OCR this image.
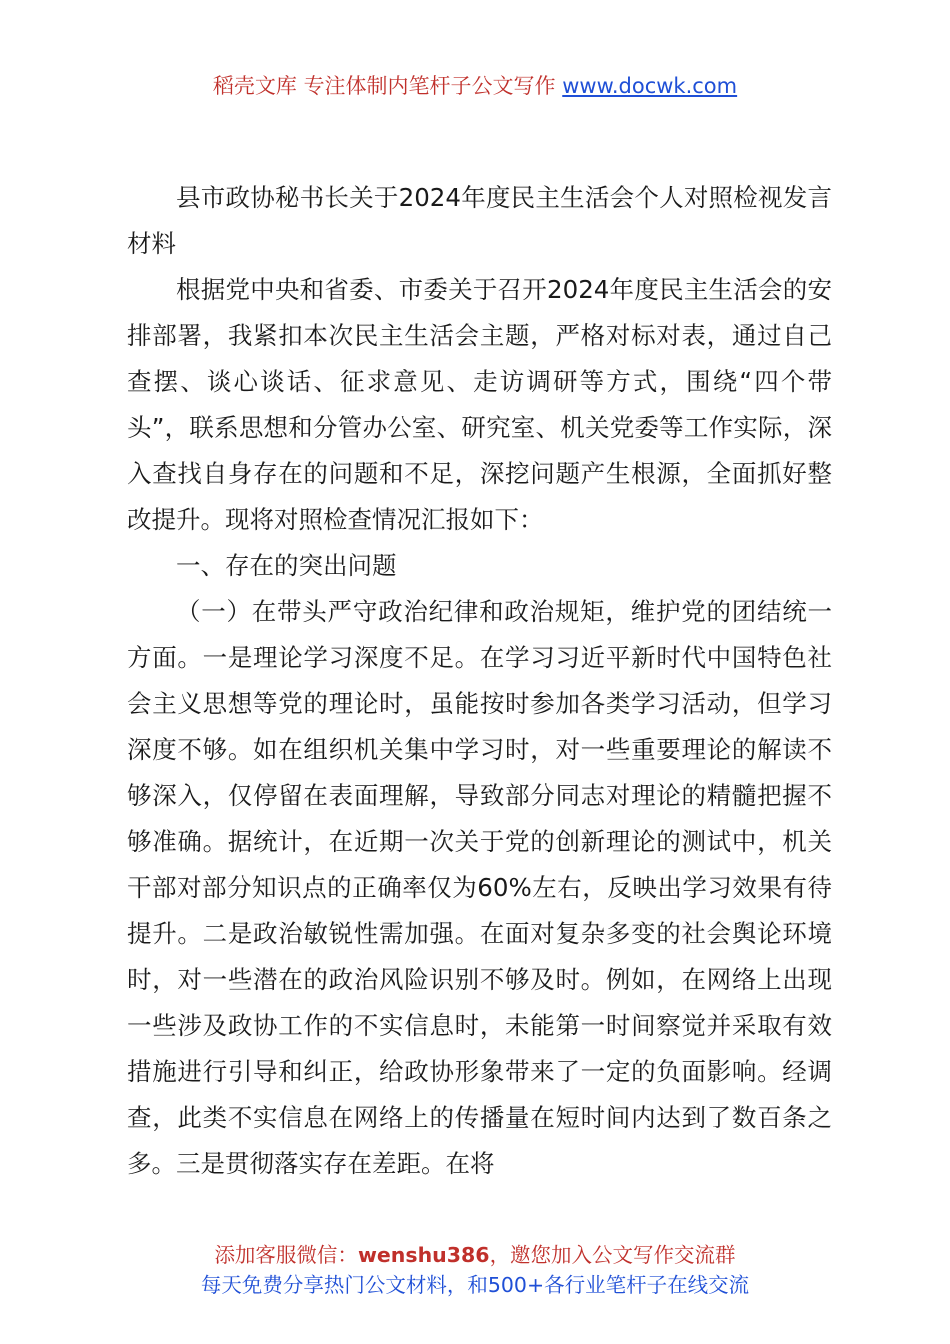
稻壳文库 专注体制内笔杆子公文写作 www.docwk.com

县市政协秘书长关于2024年度民主生活会个人对照检视发言材料

根据党中央和省委、市委关于召开2024年度民主生活会的安排部署，我紧扣本次民主生活会主题，严格对标对表，通过自己查摆、谈心谈话、征求意见、走访调研等方式，围绕“四个带头”，联系思想和分管办公室、研究室、机关党委等工作实际，深入查找自身存在的问题和不足，深挖问题产生根源，全面抓好整改提升。现将对照检查情况汇报如下：

一、存在的突出问题

（一）在带头严守政治纪律和政治规矩，维护党的团结统一方面。一是理论学习深度不足。在学习习近平新时代中国特色社会主义思想等党的理论时，虽能按时参加各类学习活动，但学习深度不够。如在组织机关集中学习时，对一些重要理论的解读不够深入，仅停留在表面理解，导致部分同志对理论的精髓把握不够准确。据统计，在近期一次关于党的创新理论的测试中，机关干部对部分知识点的正确率仅为60%左右，反映出学习效果有待提升。二是政治敏锐性需加强。在面对复杂多变的社会舆论环境时，对一些潜在的政治风险识别不够及时。例如，在网络上出现一些涉及政协工作的不实信息时，未能第一时间察觉并采取有效措施进行引导和纠正，给政协形象带来了一定的负面影响。经调查，此类不实信息在网络上的传播量在短时间内达到了数百条之多。三是贯彻落实存在差距。在将

添加客服微信：wenshu386，邀您加入公文写作交流群
每天免费分享热门公文材料，和500+各行业笔杆子在线交流
